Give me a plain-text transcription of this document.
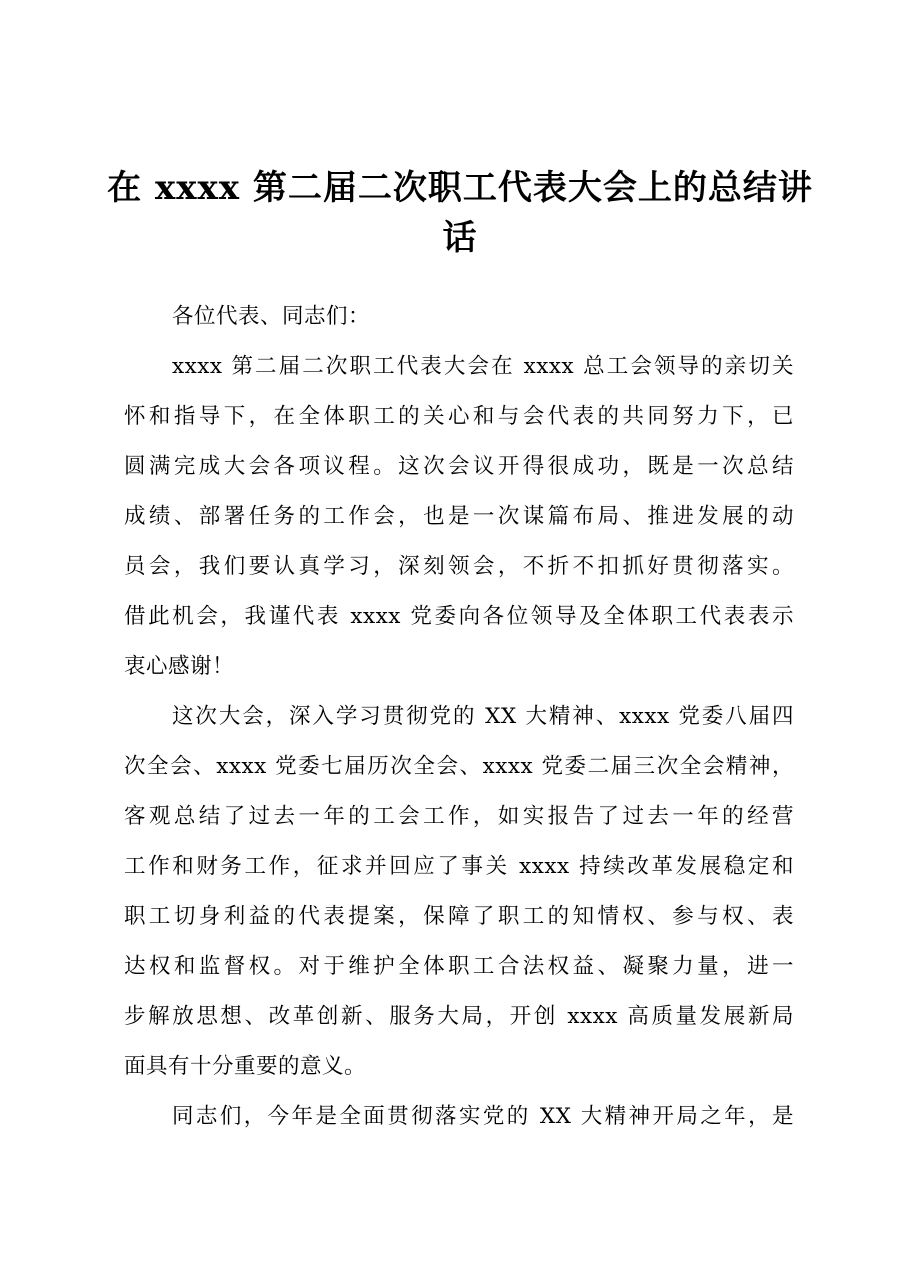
在 xxxx 第二届二次职工代表大会上的总结讲
话

各位代表、同志们：

xxxx 第二届二次职工代表大会在 xxxx 总工会领导的亲切关

怀和指导下，在全体职工的关心和与会代表的共同努力下，已

圆满完成大会各项议程。这次会议开得很成功，既是一次总结

成绩、部署任务的工作会，也是一次谋篇布局、推进发展的动

员会，我们要认真学习，深刻领会，不折不扣抓好贯彻落实。

借此机会，我谨代表 xxxx 党委向各位领导及全体职工代表表示

衷心感谢！

这次大会，深入学习贯彻党的 XX 大精神、xxxx 党委八届四

次全会、xxxx 党委七届历次全会、xxxx 党委二届三次全会精神，

客观总结了过去一年的工会工作，如实报告了过去一年的经营

工作和财务工作，征求并回应了事关 xxxx 持续改革发展稳定和

职工切身利益的代表提案，保障了职工的知情权、参与权、表

达权和监督权。对于维护全体职工合法权益、凝聚力量，进一

步解放思想、改革创新、服务大局，开创 xxxx 高质量发展新局

面具有十分重要的意义。

同志们，今年是全面贯彻落实党的 XX 大精神开局之年，是
